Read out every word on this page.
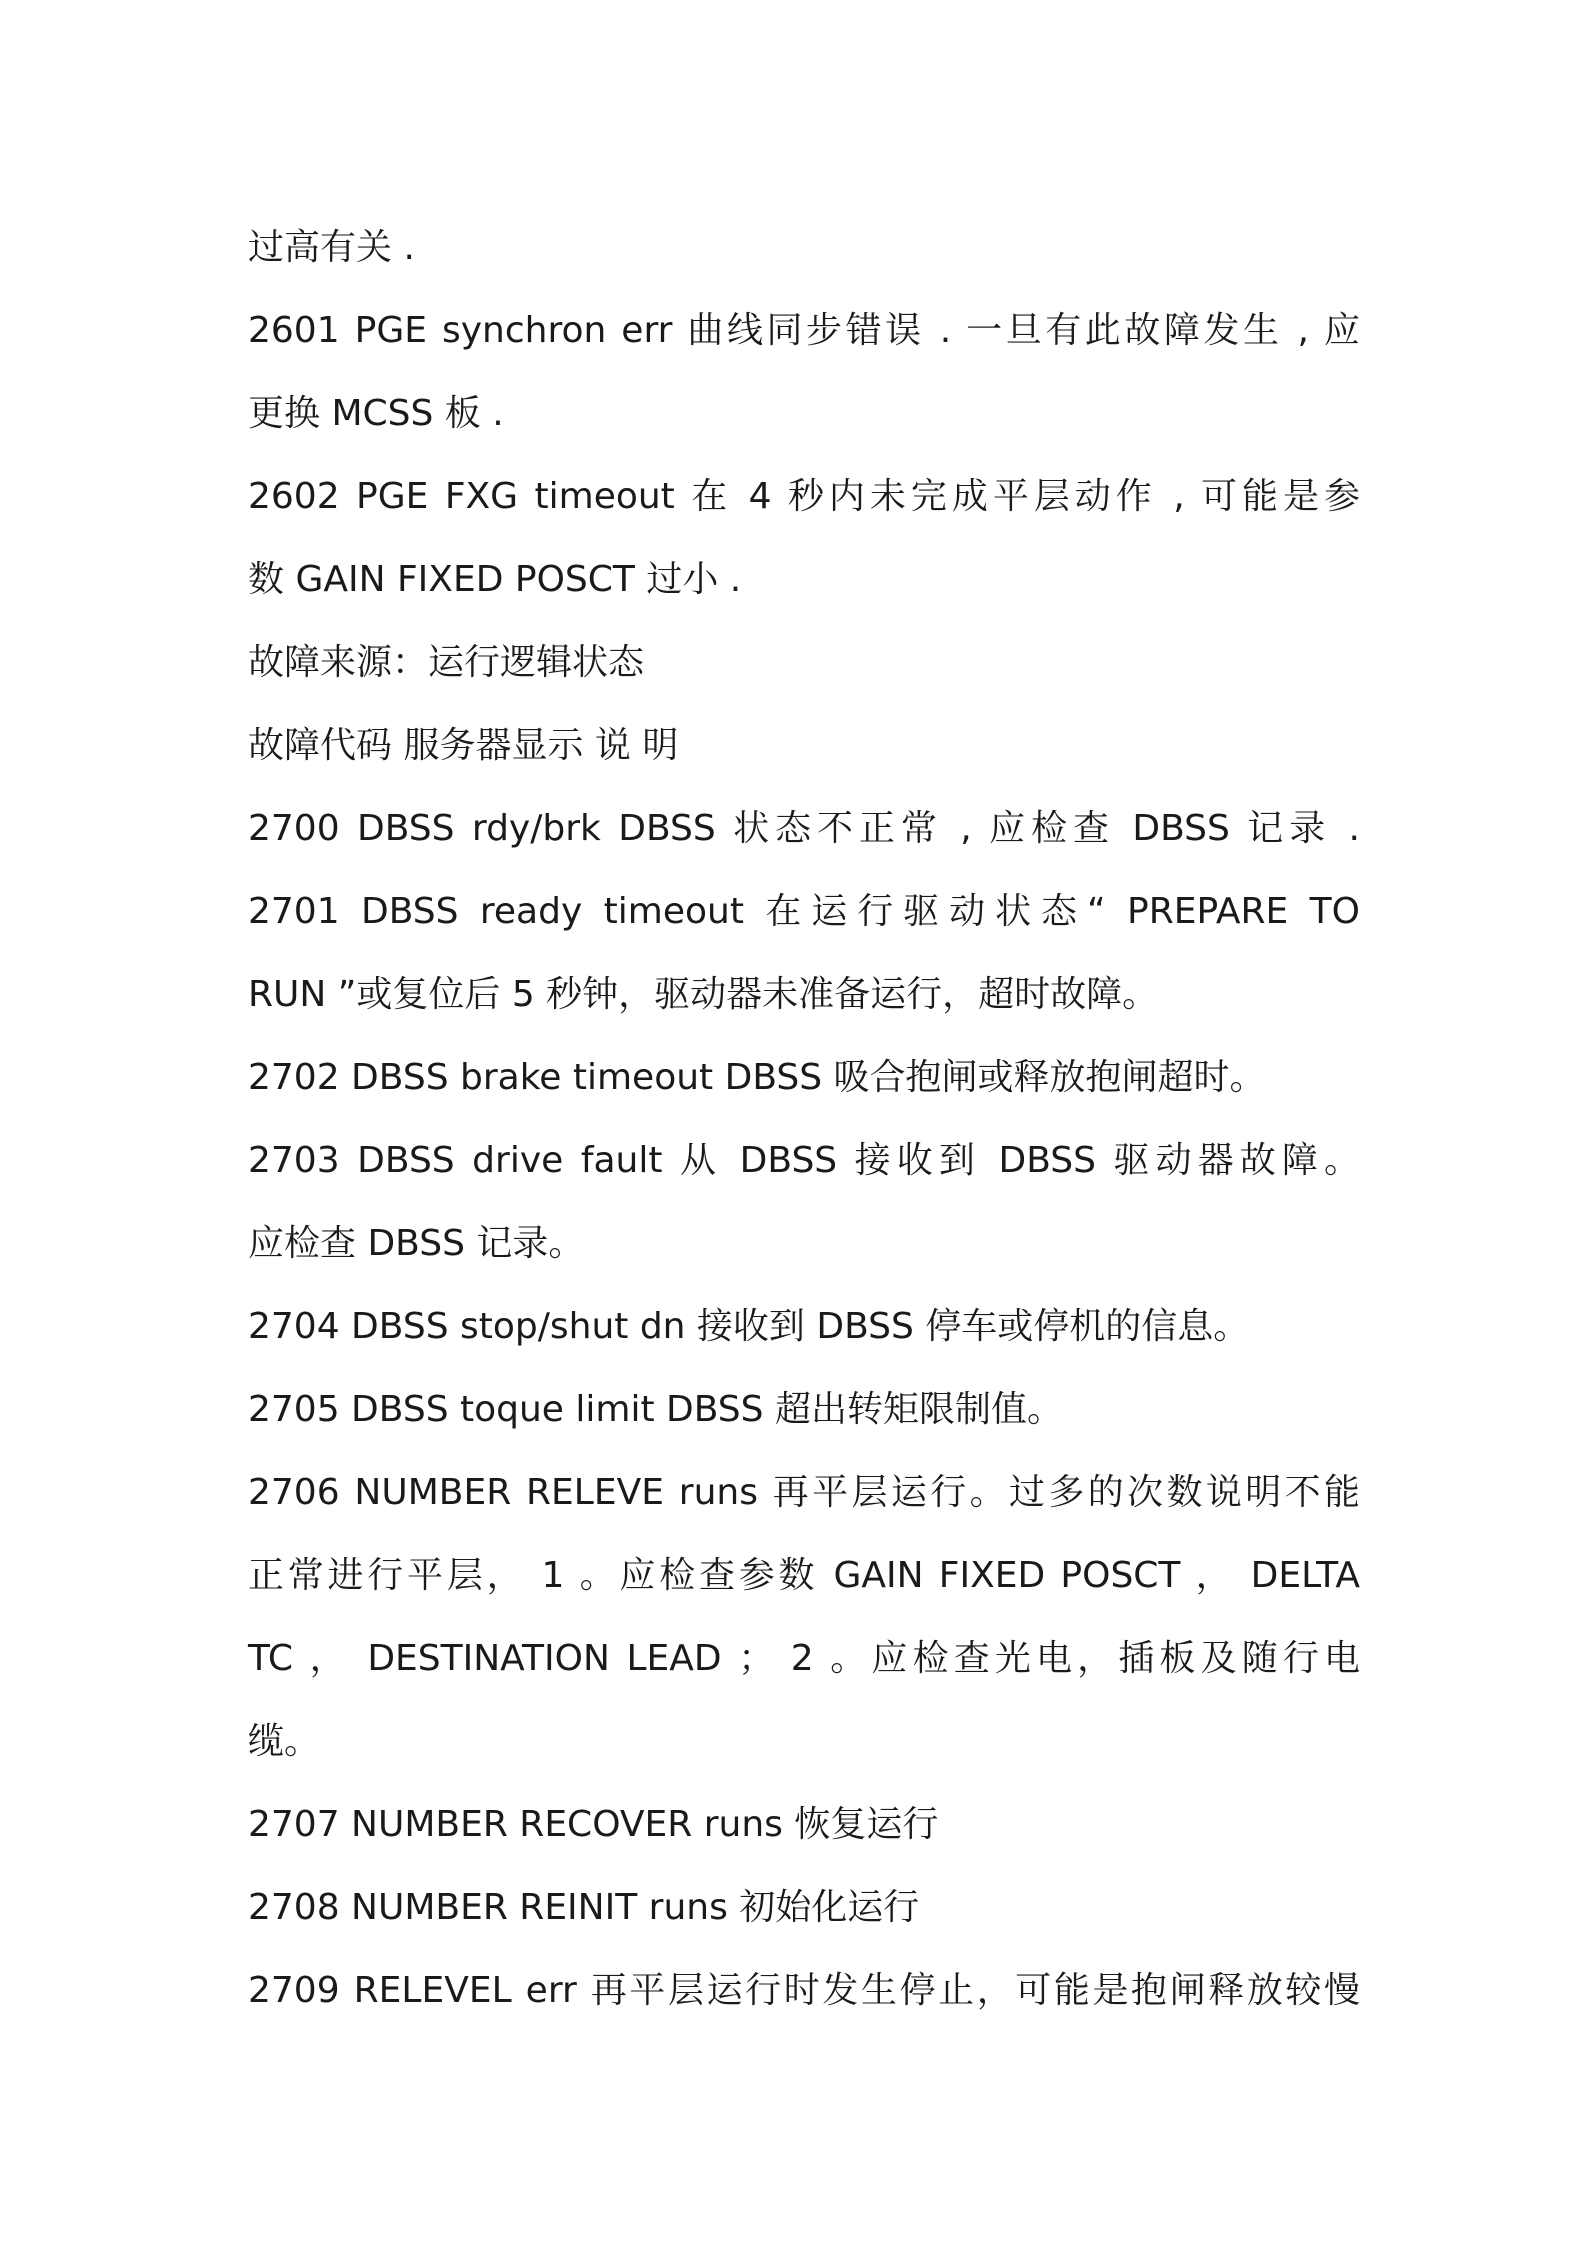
过高有关 .
2601 PGE synchron err 曲线同步错误 . 一旦有此故障发生 , 应
更换 MCSS 板 .
2602 PGE FXG timeout 在 4 秒内未完成平层动作 , 可能是参
数 GAIN FIXED POSCT 过小 .
故障来源：运行逻辑状态
故障代码 服务器显示 说 明
2700 DBSS rdy/brk DBSS 状态不正常 , 应检查 DBSS 记录 .
2701 DBSS ready timeout 在运行驱动状态“ PREPARE TO
RUN ”或复位后 5 秒钟，驱动器未准备运行，超时故障。
2702 DBSS brake timeout DBSS 吸合抱闸或释放抱闸超时。
2703 DBSS drive fault 从 DBSS 接收到 DBSS 驱动器故障。
应检查 DBSS 记录。
2704 DBSS stop/shut dn 接收到 DBSS 停车或停机的信息。
2705 DBSS toque limit DBSS 超出转矩限制值。
2706 NUMBER RELEVE runs 再平层运行。过多的次数说明不能
正常进行平层， 1 。应检查参数 GAIN FIXED POSCT ， DELTA
TC ， DESTINATION LEAD ； 2 。应检查光电，插板及随行电
缆。
2707 NUMBER RECOVER runs 恢复运行
2708 NUMBER REINIT runs 初始化运行
2709 RELEVEL err 再平层运行时发生停止，可能是抱闸释放较慢
